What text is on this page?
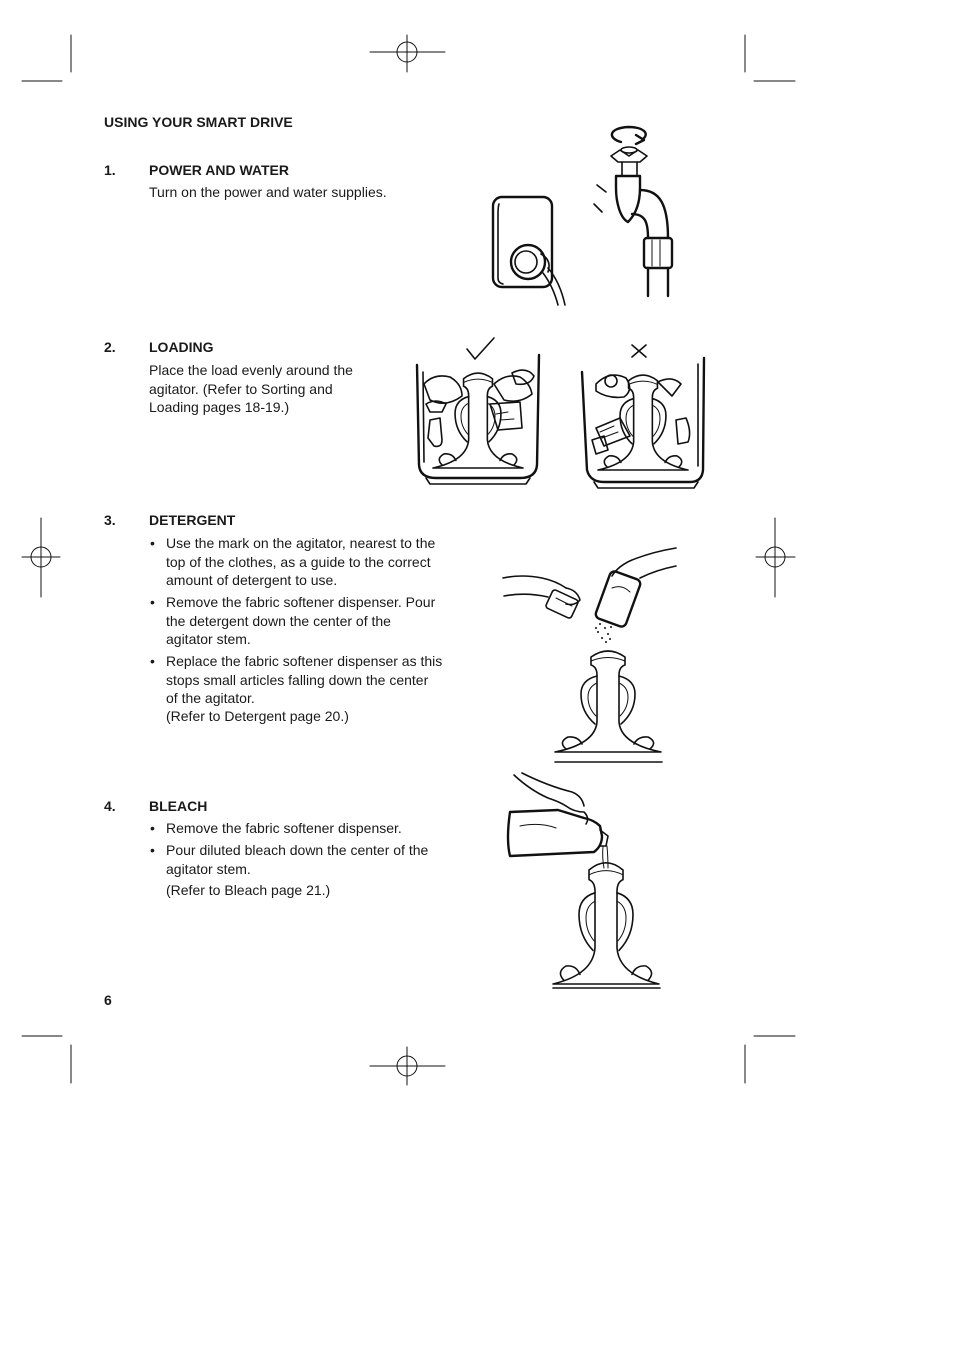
USING YOUR SMART DRIVE
1. POWER AND WATER
Turn on the power and water supplies.
2. LOADING
Place the load evenly around the
agitator. (Refer to Sorting and
Loading pages 18-19.)
3. DETERGENT
• Use the mark on the agitator, nearest to the
top of the clothes, as a guide to the correct
amount of detergent to use.
• Remove the fabric softener dispenser. Pour
the detergent down the center of the
agitator stem.
• Replace the fabric softener dispenser as this
stops small articles falling down the center
of the agitator.
(Refer to Detergent page 20.)
4. BLEACH
• Remove the fabric softener dispenser.
• Pour diluted bleach down the center of the
agitator stem.
(Refer to Bleach page 21.)
6
